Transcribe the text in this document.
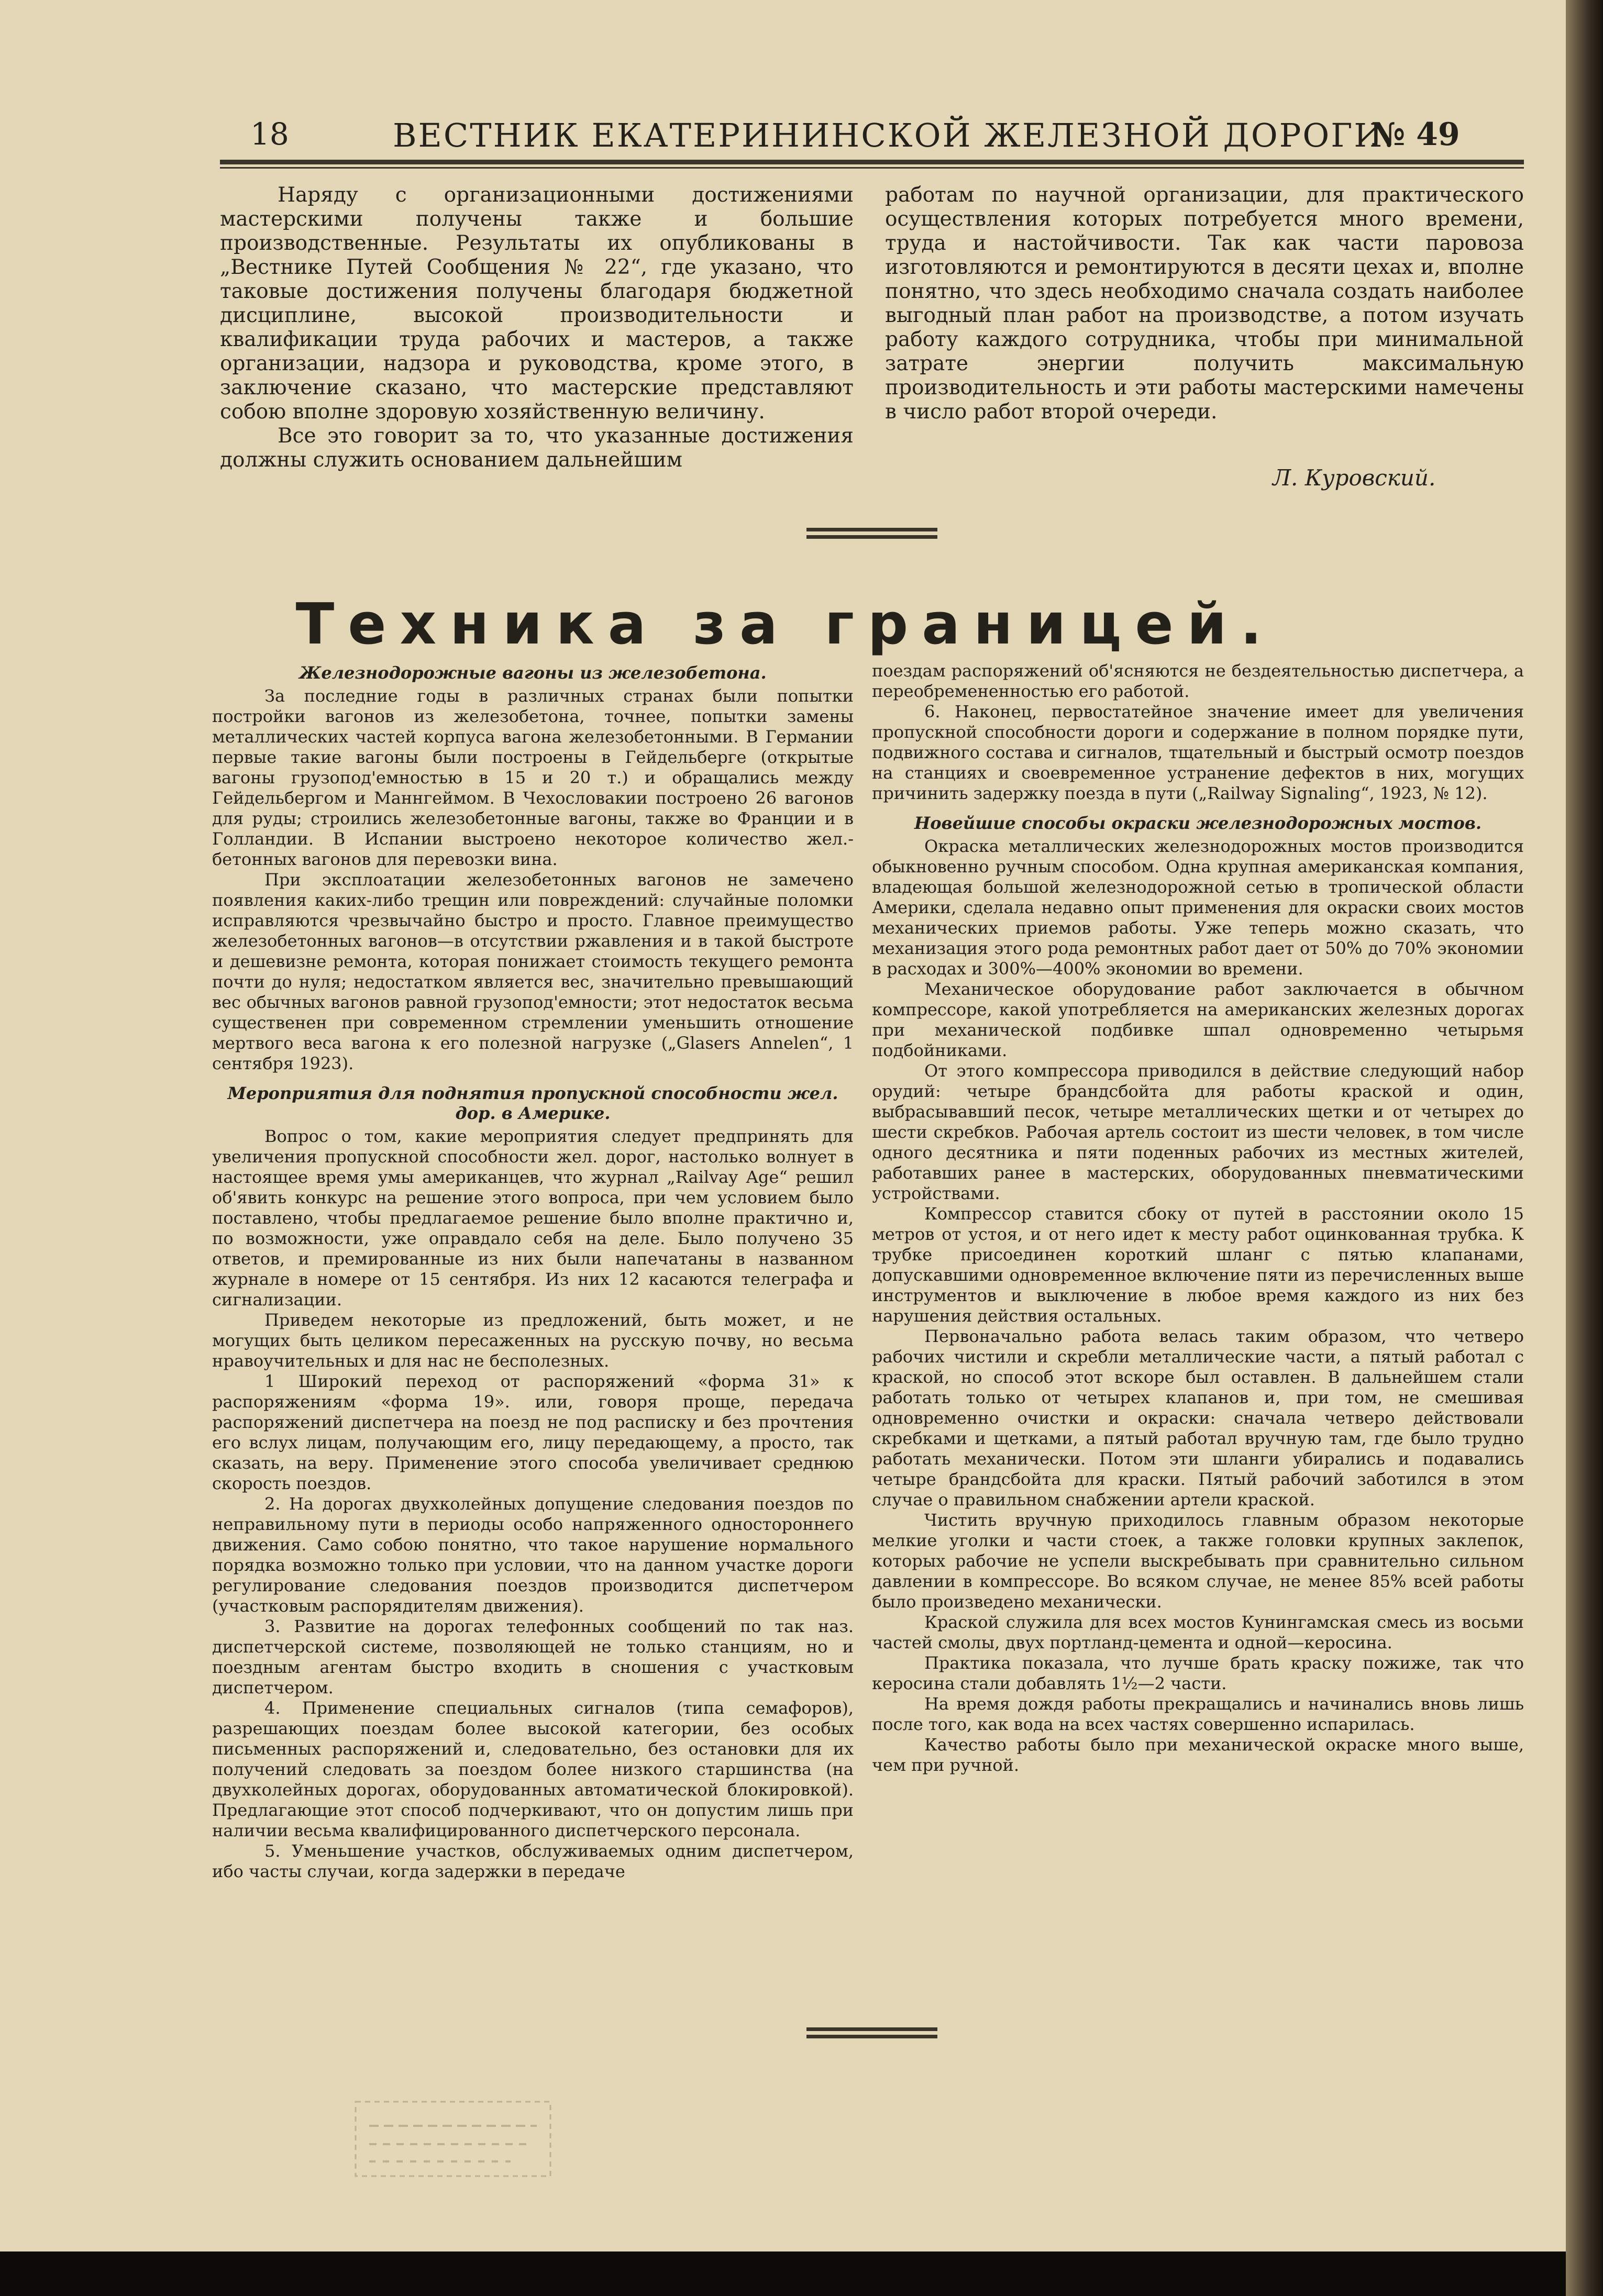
18	ВЕСТНИК ЕКАТЕРИНИНСКОЙ ЖЕЛЕЗНОЙ ДОРОГИ.
№ 49

Наряду с организационными достижениями мастерскими получены также и большие производственные. Результаты их опубликованы в „Вестнике Путей Сообщения № 22“, где указано, что таковые достижения получены благодаря бюджетной дисциплине, высокой производительности и квалификации труда рабочих и мастеров, а также организации, надзора и руководства, кроме этого, в заключение сказано, что мастерские представляют собою вполне здоровую хозяйственную величину.

Все это говорит за то, что указанные достижения должны служить основанием дальнейшим

работам по научной организации, для практического осуществления которых потребуется много времени, труда и настойчивости. Так как части паровоза изготовляются и ремонтируются в десяти цехах и, вполне понятно, что здесь необходимо сначала создать наиболее выгодный план работ на производстве, а потом изучать работу каждого сотрудника, чтобы при минимальной затрате энергии получить максимальную производительность и эти работы мастерскими намечены в число работ второй очереди.

Л. Куровский.
Техника за границей.
Железнодорожные вагоны из железобетона.

За последние годы в различных странах были попытки постройки вагонов из железобетона, точнее, попытки замены металлических частей корпуса вагона железобетонными. В Германии первые такие вагоны были построены в Гейдельберге (открытые вагоны грузопод'емностью в 15 и 20 т.) и обращались между Гейдельбергом и Маннгеймом. В Чехословакии построено 26 вагонов для руды; строились железобетонные вагоны, также во Франции и в Голландии. В Испании выстроено некоторое количество жел.-бетонных вагонов для перевозки вина.

При эксплоатации железобетонных вагонов не замечено появления каких-либо трещин или повреждений: случайные поломки исправляются чрезвычайно быстро и просто. Главное преимущество железобетонных вагонов—в отсутствии ржавления и в такой быстроте и дешевизне ремонта, которая понижает стоимость текущего ремонта почти до нуля; недостатком является вес, значительно превышающий вес обычных вагонов равной грузопод'емности; этот недостаток весьма существенен при современном стремлении уменьшить отношение мертвого веса вагона к его полезной нагрузке („Glasers Annelen“, 1 сентября 1923).

Мероприятия для поднятия пропускной способности жел. дор. в Америке.

Вопрос о том, какие мероприятия следует предпринять для увеличения пропускной способности жел. дорог, настолько волнует в настоящее время умы американцев, что журнал „Railvay Age“ решил об'явить конкурс на решение этого вопроса, при чем условием было поставлено, чтобы предлагаемое решение было вполне практично и, по возможности, уже оправдало себя на деле. Было получено 35 ответов, и премированные из них были напечатаны в названном журнале в номере от 15 сентября. Из них 12 касаются телеграфа и сигнализации.

Приведем некоторые из предложений, быть может, и не могущих быть целиком пересаженных на русскую почву, но весьма нравоучительных и для нас не бесполезных.

1 Широкий переход от распоряжений «форма 31» к распоряжениям «форма 19». или, говоря проще, передача распоряжений диспетчера на поезд не под расписку и без прочтения его вслух лицам, получающим его, лицу передающему, а просто, так сказать, на веру. Применение этого способа увеличивает среднюю скорость поездов.

2. На дорогах двухколейных допущение следования поездов по неправильному пути в периоды особо напряженного одностороннего движения. Само собою понятно, что такое нарушение нормального порядка возможно только при условии, что на данном участке дороги регулирование следования поездов производится диспетчером (участковым распорядителям движения).

3. Развитие на дорогах телефонных сообщений по так наз. диспетчерской системе, позволяющей не только станциям, но и поездным агентам быстро входить в сношения с участковым диспетчером.

4. Применение специальных сигналов (типа семафоров), разрешающих поездам более высокой категории, без особых письменных распоряжений и, следовательно, без остановки для их получений следовать за поездом более низкого старшинства (на двухколейных дорогах, оборудованных автоматической блокировкой). Предлагающие этот способ подчеркивают, что он допустим лишь при наличии весьма квалифицированного диспетчерского персонала.

5. Уменьшение участков, обслуживаемых одним диспетчером, ибо часты случаи, когда задержки в передаче

поездам распоряжений об'ясняются не бездеятельностью диспетчера, а переобремененностью его работой.

6. Наконец, первостатейное значение имеет для увеличения пропускной способности дороги и содержание в полном порядке пути, подвижного состава и сигналов, тщательный и быстрый осмотр поездов на станциях и своевременное устранение дефектов в них, могущих причинить задержку поезда в пути („Railway Signaling“, 1923, № 12).

Новейшие способы окраски железнодорожных мостов.

Окраска металлических железнодорожных мостов производится обыкновенно ручным способом. Одна крупная американская компания, владеющая большой железнодорожной сетью в тропической области Америки, сделала недавно опыт применения для окраски своих мостов механических приемов работы. Уже теперь можно сказать, что механизация этого рода ремонтных работ дает от 50% до 70% экономии в расходах и 300%—400% экономии во времени.

Механическое оборудование работ заключается в обычном компрессоре, какой употребляется на американских железных дорогах при механической подбивке шпал одновременно четырьмя подбойниками.

От этого компрессора приводился в действие следующий набор орудий: четыре брандсбойта для работы краской и один, выбрасывавший песок, четыре металлических щетки и от четырех до шести скребков. Рабочая артель состоит из шести человек, в том числе одного десятника и пяти поденных рабочих из местных жителей, работавших ранее в мастерских, оборудованных пневматическими устройствами.

Компрессор ставится сбоку от путей в расстоянии около 15 метров от устоя, и от него идет к месту работ оцинкованная трубка. К трубке присоединен короткий шланг с пятью клапанами, допускавшими одновременное включение пяти из перечисленных выше инструментов и выключение в любое время каждого из них без нарушения действия остальных.

Первоначально работа велась таким образом, что четверо рабочих чистили и скребли металлические части, а пятый работал с краской, но способ этот вскоре был оставлен. В дальнейшем стали работать только от четырех клапанов и, при том, не смешивая одновременно очистки и окраски: сначала четверо действовали скребками и щетками, а пятый работал вручную там, где было трудно работать механически. Потом эти шланги убирались и подавались четыре брандсбойта для краски. Пятый рабочий заботился в этом случае о правильном снабжении артели краской.

Чистить вручную приходилось главным образом некоторые мелкие уголки и части стоек, а также головки крупных заклепок, которых рабочие не успели выскребывать при сравнительно сильном давлении в компрессоре. Во всяком случае, не менее 85% всей работы было произведено механически.

Краской служила для всех мостов Кунингамская смесь из восьми частей смолы, двух портланд-цемента и одной—керосина.

Практика показала, что лучше брать краску пожиже, так что керосина стали добавлять 1½—2 части.

На время дождя работы прекращались и начинались вновь лишь после того, как вода на всех частях совершенно испарилась.

Качество работы было при механической окраске много выше, чем при ручной.
